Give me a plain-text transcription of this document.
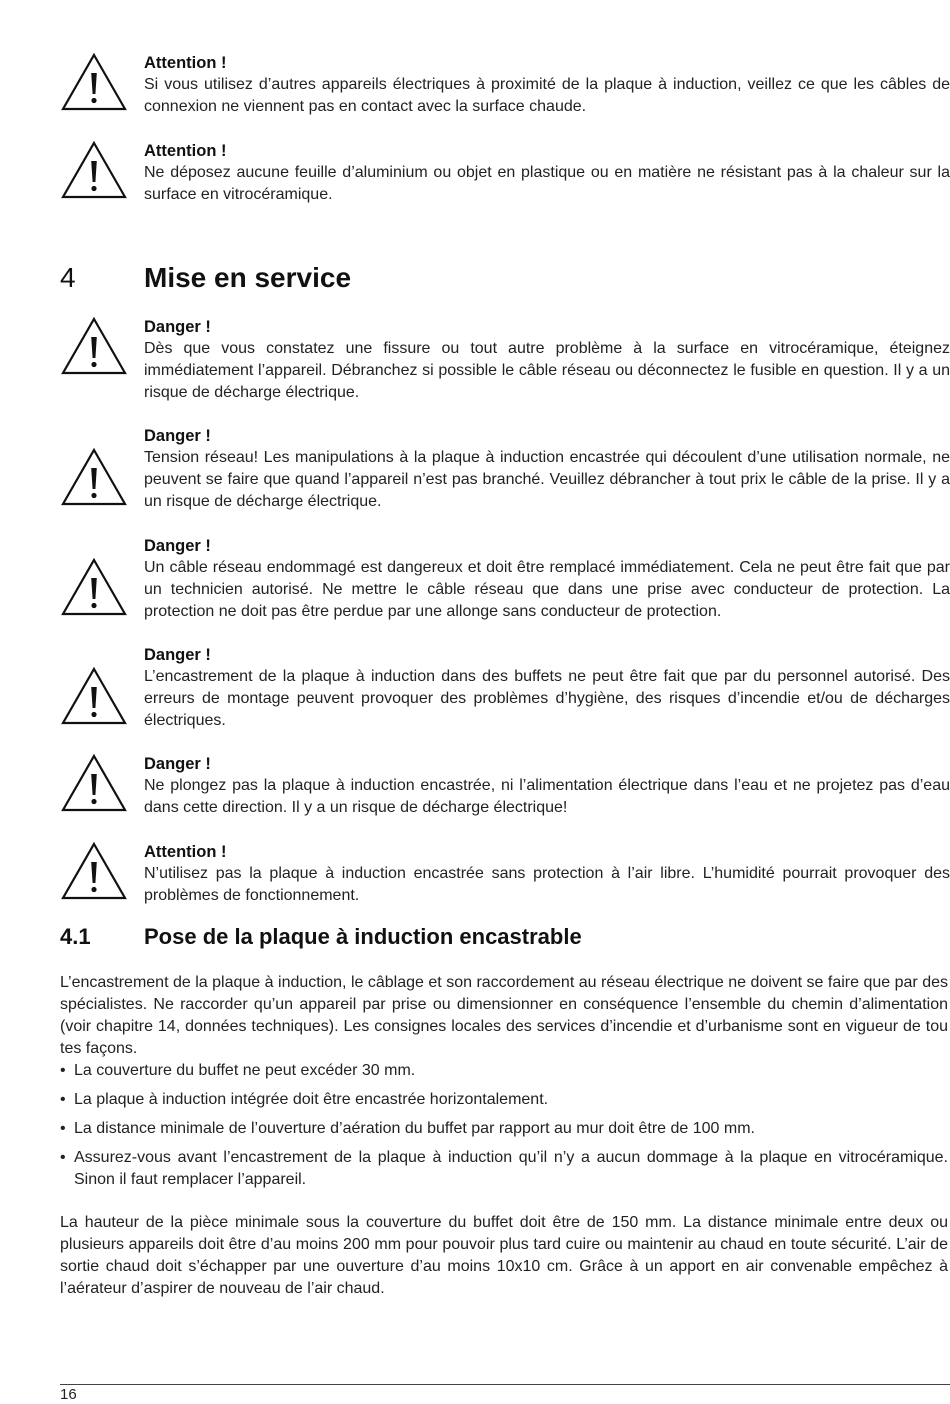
Attention !
Si vous utilisez d’autres appareils électriques à proximité de la plaque à induction, veillez ce que les câbles de connexion ne viennent pas en contact avec la surface chaude.
Attention !
Ne déposez aucune feuille d’aluminium ou objet en plastique ou en matière ne résistant pas à la chaleur sur la surface en vitrocéramique.
4 Mise en service
Danger !
Dès que vous constatez une fissure ou tout autre problème à la surface en vitrocéramique, éteignez immédiatement l’appareil. Débranchez si possible le câble réseau ou déconnectez le fusible en question. Il y a un risque de décharge électrique.
Danger !
Tension réseau! Les manipulations à la plaque à induction encastrée qui découlent d’une utilisation normale, ne peuvent se faire que quand l’appareil n’est pas branché. Veuillez débrancher à tout prix le câble de la prise. Il y a un risque de décharge électrique.
Danger !
Un câble réseau endommagé est dangereux et doit être remplacé immédiatement. Cela ne peut être fait que par un technicien autorisé. Ne mettre le câble réseau que dans une prise avec conducteur de protection. La protection ne doit pas être perdue par une allonge sans conducteur de protection.
Danger !
L’encastrement de la plaque à induction dans des buffets ne peut être fait que par du personnel autorisé. Des erreurs de montage peuvent provoquer des problèmes d’hygiène, des risques d’incendie et/ou de décharges électriques.
Danger !
Ne plongez pas la plaque à induction encastrée, ni l’alimentation électrique dans l’eau et ne projetez pas d’eau dans cette direction. Il y a un risque de décharge électrique!
Attention !
N’utilisez pas la plaque à induction encastrée sans protection à l’air libre. L’humidité pourrait provoquer des problèmes de fonctionnement.
4.1 Pose de la plaque à induction encastrable
L’encastrement de la plaque à induction, le câblage et son raccordement au réseau électrique ne doivent se faire que par des spécialistes. Ne raccorder qu’un appareil par prise ou dimensionner en conséquence l’ensemble du chemin d’alimentation (voir chapitre 14, données techniques). Les consignes locales des services d’incendie et d’urbanisme sont en vigueur de tou tes façons.
• La couverture du buffet ne peut excéder 30 mm.
• La plaque à induction intégrée doit être encastrée horizontalement.
• La distance minimale de l’ouverture d’aération du buffet par rapport au mur doit être de 100 mm.
• Assurez-vous avant l’encastrement de la plaque à induction qu’il n’y a aucun dommage à la plaque en vitrocéramique. Sinon il faut remplacer l’appareil.
La hauteur de la pièce minimale sous la couverture du buffet doit être de 150 mm. La distance minimale entre deux ou plusieurs appareils doit être d’au moins 200 mm pour pouvoir plus tard cuire ou maintenir au chaud en toute sécurité. L’air de sortie chaud doit s’échapper par une ouverture d’au moins 10x10 cm. Grâce à un apport en air convenable empêchez à l’aérateur d’aspirer de nouveau de l’air chaud.
16
